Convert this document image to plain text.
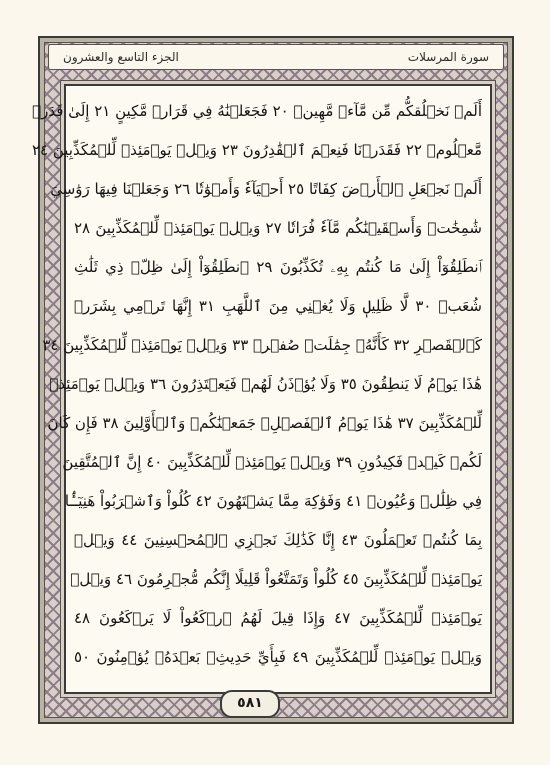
الجزء التاسع والعشرون	سورة المرسلات
أَلَمۡ نَخۡلُقكُّم مِّن مَّآءٖ مَّهِينٖ ٢٠ فَجَعَلۡنَٰهُ فِي قَرَارٖ مَّكِينٍ ٢١ إِلَىٰ قَدَرٖ
مَّعۡلُومٖ ٢٢ فَقَدَرۡنَا فَنِعۡمَ ٱلۡقَٰدِرُونَ ٢٣ وَيۡلٞ يَوۡمَئِذٖ لِّلۡمُكَذِّبِينَ ٢٤
أَلَمۡ نَجۡعَلِ ٱلۡأَرۡضَ كِفَاتًا ٢٥ أَحۡيَآءٗ وَأَمۡوَٰتٗا ٢٦ وَجَعَلۡنَا فِيهَا رَوَٰسِيَ
شَٰمِخَٰتٖ وَأَسۡقَيۡنَٰكُم مَّآءٗ فُرَاتٗا ٢٧ وَيۡلٞ يَوۡمَئِذٖ لِّلۡمُكَذِّبِينَ ٢٨
ٱنطَلِقُوٓاْ إِلَىٰ مَا كُنتُم بِهِۦ تُكَذِّبُونَ ٢٩ ٱنطَلِقُوٓاْ إِلَىٰ ظِلّٖ ذِي ثَلَٰثِ
شُعَبٖ ٣٠ لَّا ظَلِيلٖ وَلَا يُغۡنِي مِنَ ٱللَّهَبِ ٣١ إِنَّهَا تَرۡمِي بِشَرَرٖ
كَٱلۡقَصۡرِ ٣٢ كَأَنَّهُۥ جِمَٰلَتٞ صُفۡرٞ ٣٣ وَيۡلٞ يَوۡمَئِذٖ لِّلۡمُكَذِّبِينَ ٣٤
هَٰذَا يَوۡمُ لَا يَنطِقُونَ ٣٥ وَلَا يُؤۡذَنُ لَهُمۡ فَيَعۡتَذِرُونَ ٣٦ وَيۡلٞ يَوۡمَئِذٖ
لِّلۡمُكَذِّبِينَ ٣٧ هَٰذَا يَوۡمُ ٱلۡفَصۡلِۖ جَمَعۡنَٰكُمۡ وَٱلۡأَوَّلِينَ ٣٨ فَإِن كَانَ
لَكُمۡ كَيۡدٞ فَكِيدُونِ ٣٩ وَيۡلٞ يَوۡمَئِذٖ لِّلۡمُكَذِّبِينَ ٤٠ إِنَّ ٱلۡمُتَّقِينَ
فِي ظِلَٰلٖ وَعُيُونٖ ٤١ وَفَوَٰكِهَ مِمَّا يَشۡتَهُونَ ٤٢ كُلُواْ وَٱشۡرَبُواْ هَنِيٓـَٔۢا
بِمَا كُنتُمۡ تَعۡمَلُونَ ٤٣ إِنَّا كَذَٰلِكَ نَجۡزِي ٱلۡمُحۡسِنِينَ ٤٤ وَيۡلٞ
يَوۡمَئِذٖ لِّلۡمُكَذِّبِينَ ٤٥ كُلُواْ وَتَمَتَّعُواْ قَلِيلًا إِنَّكُم مُّجۡرِمُونَ ٤٦ وَيۡلٞ
يَوۡمَئِذٖ لِّلۡمُكَذِّبِينَ ٤٧ وَإِذَا قِيلَ لَهُمُ ٱرۡكَعُواْ لَا يَرۡكَعُونَ ٤٨
وَيۡلٞ يَوۡمَئِذٖ لِّلۡمُكَذِّبِينَ ٤٩ فَبِأَيِّ حَدِيثِۭ بَعۡدَهُۥ يُؤۡمِنُونَ ٥٠
٥٨١
